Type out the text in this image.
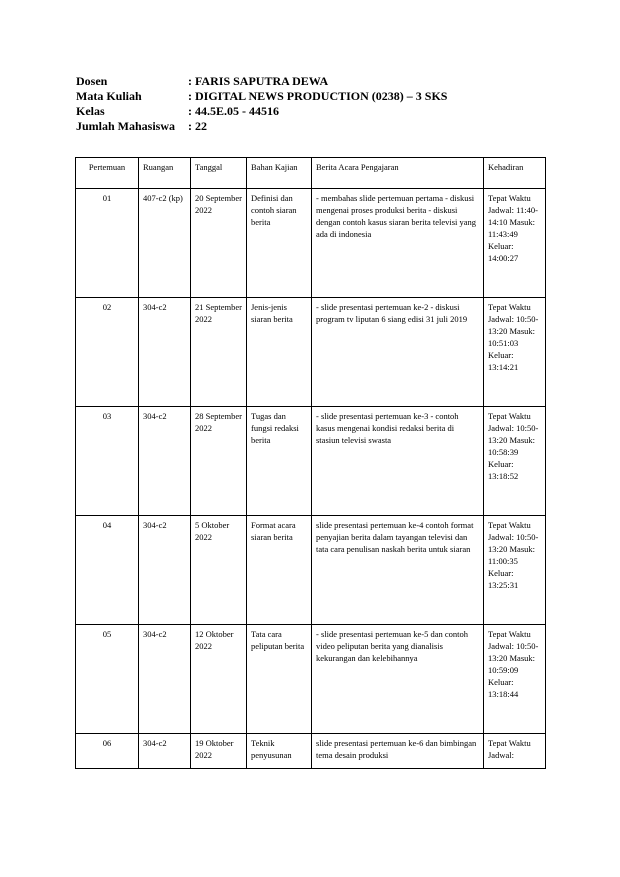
Dosen	: FARIS SAPUTRA DEWA
Mata Kuliah	: DIGITAL NEWS PRODUCTION (0238) – 3 SKS
Kelas	: 44.5E.05 - 44516
Jumlah Mahasiswa	: 22
Pertemuan	Ruangan	Tanggal	Bahan Kajian	Berita Acara Pengajaran	Kehadiran
01	407-c2 (kp)	20 September 2022	Definisi dan contoh siaran berita	- membahas slide pertemuan pertama - diskusi mengenai proses produksi berita - diskusi dengan contoh kasus siaran berita televisi yang ada di indonesia	Tepat Waktu Jadwal: 11:40-14:10 Masuk: 11:43:49 Keluar: 14:00:27
02	304-c2	21 September 2022	Jenis-jenis siaran berita	- slide presentasi pertemuan ke-2 - diskusi program tv liputan 6 siang edisi 31 juli 2019	Tepat Waktu Jadwal: 10:50-13:20 Masuk: 10:51:03 Keluar: 13:14:21
03	304-c2	28 September 2022	Tugas dan fungsi redaksi berita	- slide presentasi pertemuan ke-3 - contoh kasus mengenai kondisi redaksi berita di stasiun televisi swasta	Tepat Waktu Jadwal: 10:50-13:20 Masuk: 10:58:39 Keluar: 13:18:52
04	304-c2	5 Oktober 2022	Format acara siaran berita	slide presentasi pertemuan ke-4 contoh format penyajian berita dalam tayangan televisi dan tata cara penulisan naskah berita untuk siaran	Tepat Waktu Jadwal: 10:50-13:20 Masuk: 11:00:35 Keluar: 13:25:31
05	304-c2	12 Oktober 2022	Tata cara peliputan berita	- slide presentasi pertemuan ke-5 dan contoh video peliputan berita yang dianalisis kekurangan dan kelebihannya	Tepat Waktu Jadwal: 10:50-13:20 Masuk: 10:59:09 Keluar: 13:18:44
06	304-c2	19 Oktober 2022	Teknik penyusunan	slide presentasi pertemuan ke-6 dan bimbingan tema desain produksi	Tepat Waktu Jadwal:
